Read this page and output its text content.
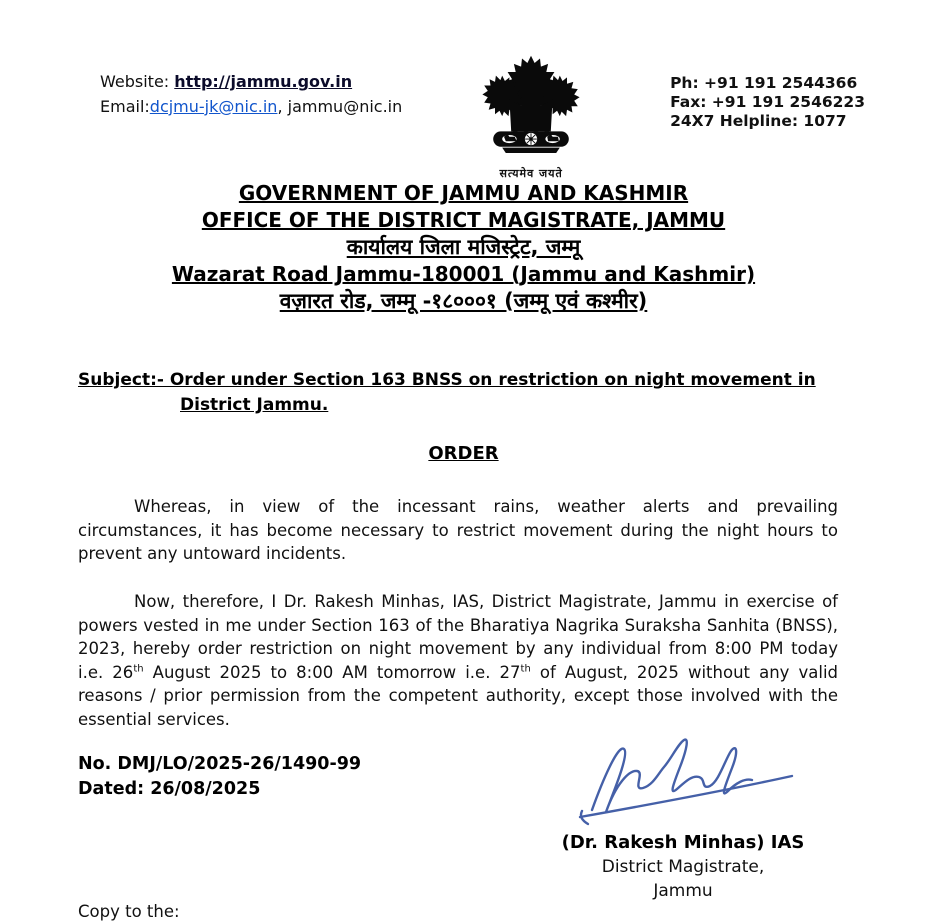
Website: http://jammu.gov.in
Email:dcjmu-jk@nic.in, jammu@nic.in
सत्यमेव जयते
Ph: +91 191 2544366
Fax: +91 191 2546223
24X7 Helpline: 1077
GOVERNMENT OF JAMMU AND KASHMIR
OFFICE OF THE DISTRICT MAGISTRATE, JAMMU
कार्यालय जिला मजिस्ट्रेट, जम्मू
Wazarat Road Jammu-180001 (Jammu and Kashmir)
वज़ारत रोड, जम्मू -१८०००१ (जम्मू एवं कश्मीर)
Subject:- Order under Section 163 BNSS on restriction on night movement in
District Jammu.
ORDER

Whereas, in view of the incessant rains, weather alerts and prevailing circumstances, it has become necessary to restrict movement during the night hours to prevent any untoward incidents.

Now, therefore, I Dr. Rakesh Minhas, IAS, District Magistrate, Jammu in exercise of powers vested in me under Section 163 of the Bharatiya Nagrika Suraksha Sanhita (BNSS), 2023, hereby order restriction on night movement by any individual from 8:00 PM today i.e. 26th August 2025 to 8:00 AM tomorrow i.e. 27th of August, 2025 without any valid reasons / prior permission from the competent authority, except those involved with the essential services.

No. DMJ/LO/2025-26/1490-99
Dated: 26/08/2025
(Dr. Rakesh Minhas) IAS
District Magistrate,
Jammu
Copy to the:
